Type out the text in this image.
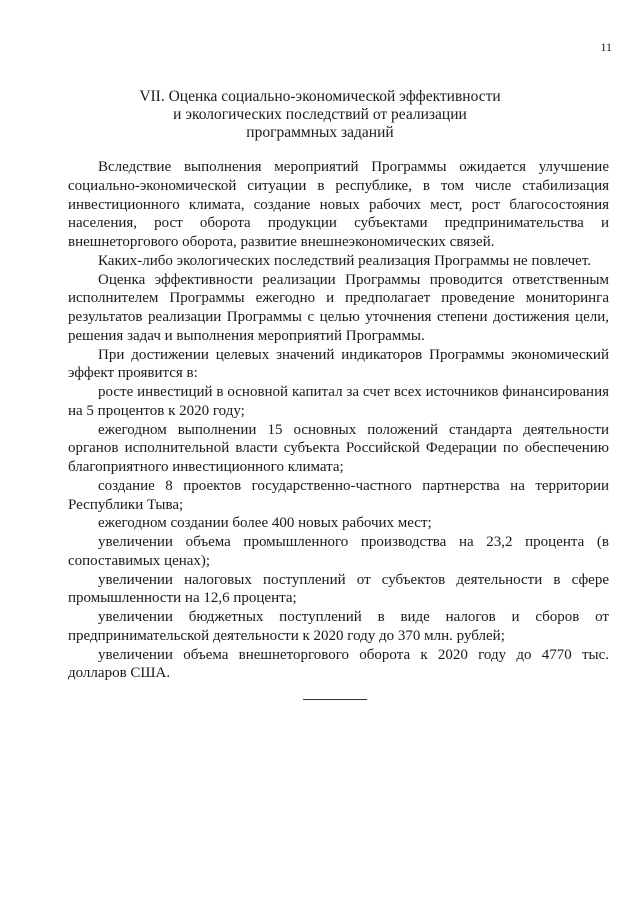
11
VII. Оценка социально-экономической эффективности
и экологических последствий от реализации
программных заданий

Вследствие выполнения мероприятий Программы ожидается улучшение социально-экономической ситуации в республике, в том числе стабилизация инвестиционного климата, создание новых рабочих мест, рост благосостояния населения, рост оборота продукции субъектами предпринимательства и внешнеторгового оборота, развитие внешнеэкономических связей.

Каких-либо экологических последствий реализация Программы не повлечет.

Оценка эффективности реализации Программы проводится ответственным исполнителем Программы ежегодно и предполагает проведение мониторинга результатов реализации Программы с целью уточнения степени достижения цели, решения задач и выполнения мероприятий Программы.

При достижении целевых значений индикаторов Программы экономический эффект проявится в:

росте инвестиций в основной капитал за счет всех источников финансирования на 5 процентов к 2020 году;

ежегодном выполнении 15 основных положений стандарта деятельности органов исполнительной власти субъекта Российской Федерации по обеспечению благоприятного инвестиционного климата;

создание 8 проектов государственно-частного партнерства на территории Республики Тыва;

ежегодном создании более 400 новых рабочих мест;

увеличении объема промышленного производства на 23,2 процента (в сопоставимых ценах);

увеличении налоговых поступлений от субъектов деятельности в сфере промышленности на 12,6 процента;

увеличении бюджетных поступлений в виде налогов и сборов от предпринимательской деятельности к 2020 году до 370 млн. рублей;

увеличении объема внешнеторгового оборота к 2020 году до 4770 тыс. долларов США.
